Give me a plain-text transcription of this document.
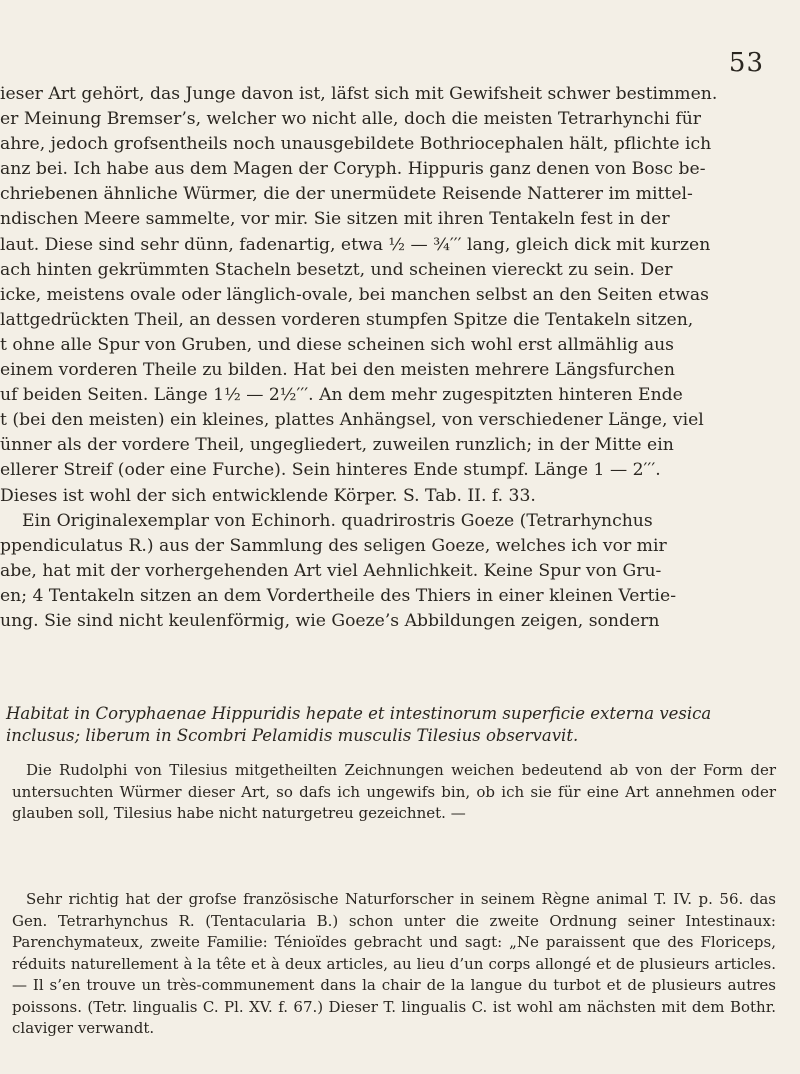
53
ieser Art gehört, das Junge davon ist, läfst sich mit Gewifsheit schwer bestimmen.
er Meinung Bremser’s, welcher wo nicht alle, doch die meisten Tetrarhynchi für
ahre, jedoch grofsentheils noch unausgebildete Bothriocephalen hält, pflichte ich
anz bei. Ich habe aus dem Magen der Coryph. Hippuris ganz denen von Bosc be-
chriebenen ähnliche Würmer, die der unermüdete Reisende Natterer im mittel-
ndischen Meere sammelte, vor mir. Sie sitzen mit ihren Tentakeln fest in der
laut. Diese sind sehr dünn, fadenartig, etwa ½ — ¾′′′ lang, gleich dick mit kurzen
ach hinten gekrümmten Stacheln besetzt, und scheinen viereckt zu sein. Der
icke, meistens ovale oder länglich-ovale, bei manchen selbst an den Seiten etwas
lattgedrückten Theil, an dessen vorderen stumpfen Spitze die Tentakeln sitzen,
t ohne alle Spur von Gruben, und diese scheinen sich wohl erst allmählig aus
einem vorderen Theile zu bilden. Hat bei den meisten mehrere Längsfurchen
uf beiden Seiten. Länge 1½ — 2½′′′. An dem mehr zugespitzten hinteren Ende
t (bei den meisten) ein kleines, plattes Anhängsel, von verschiedener Länge, viel
ünner als der vordere Theil, ungegliedert, zuweilen runzlich; in der Mitte ein
ellerer Streif (oder eine Furche). Sein hinteres Ende stumpf. Länge 1 — 2′′′.
Dieses ist wohl der sich entwicklende Körper. S. Tab. II. f. 33.
Ein Originalexemplar von Echinorh. quadrirostris Goeze (Tetrarhynchus
ppendiculatus R.) aus der Sammlung des seligen Goeze, welches ich vor mir
abe, hat mit der vorhergehenden Art viel Aehnlichkeit. Keine Spur von Gru-
en; 4 Tentakeln sitzen an dem Vordertheile des Thiers in einer kleinen Vertie-
ung. Sie sind nicht keulenförmig, wie Goeze’s Abbildungen zeigen, sondern
Habitat in Coryphaenae Hippuridis hepate et intestinorum superficie externa vesica inclusus; liberum in Scombri Pelamidis musculis Tilesius observavit.

Die Rudolphi von Tilesius mitgetheilten Zeichnungen weichen bedeutend ab von der Form der untersuchten Würmer dieser Art, so dafs ich ungewifs bin, ob ich sie für eine Art annehmen oder glauben soll, Tilesius habe nicht naturgetreu gezeichnet. —

Sehr richtig hat der grofse französische Naturforscher in seinem Règne animal T. IV. p. 56. das Gen. Tetrarhynchus R. (Tentacularia B.) schon unter die zweite Ordnung seiner Intestinaux: Parenchymateux, zweite Familie: Ténioïdes gebracht und sagt: „Ne paraissent que des Floriceps, réduits naturellement à la tête et à deux articles, au lieu d’un corps allongé et de plusieurs articles. — Il s’en trouve un très-communement dans la chair de la langue du turbot et de plusieurs autres poissons. (Tetr. lingualis C. Pl. XV. f. 67.) Dieser T. lingualis C. ist wohl am nächsten mit dem Bothr. claviger verwandt.
